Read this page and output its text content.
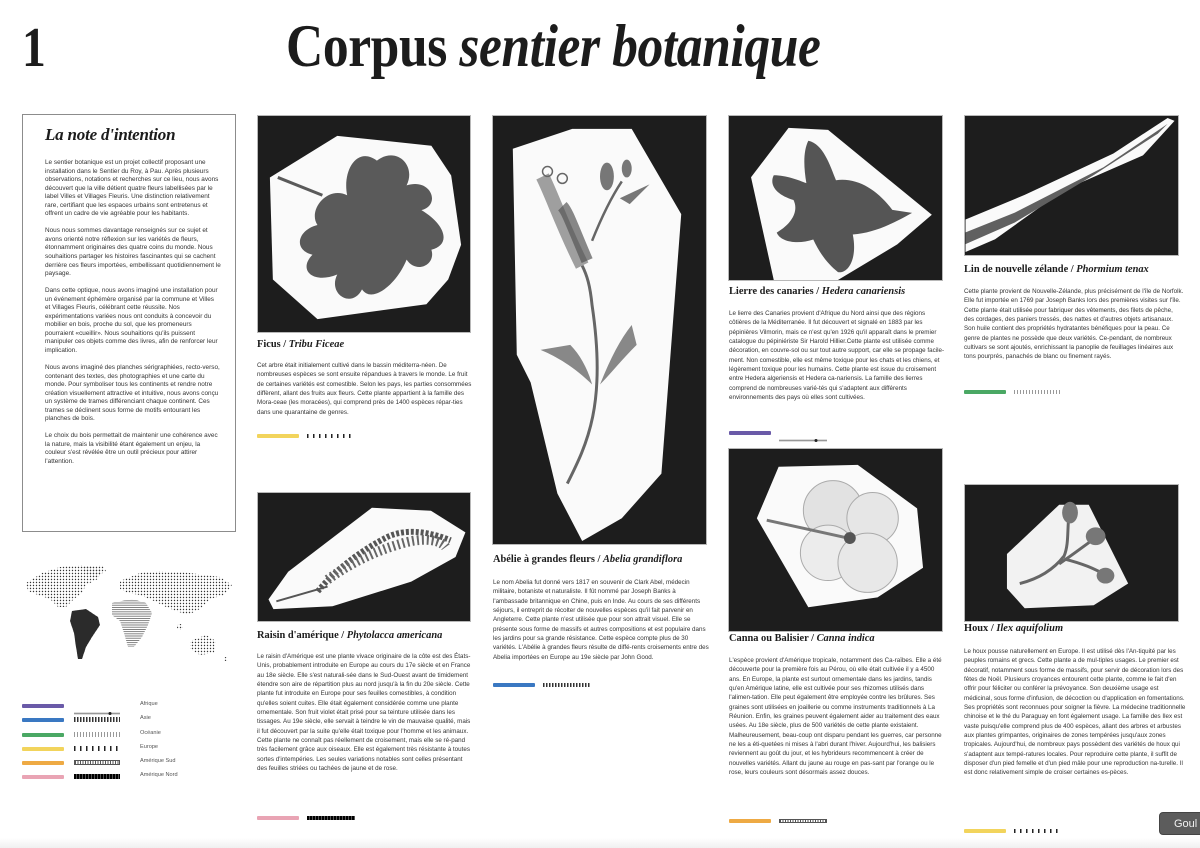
1	Corpus sentier botanique
La note d'intention

Le sentier botanique est un projet collectif proposant une installation dans le Sentier du Roy, à Pau. Après plusieurs observations, notations et recherches sur ce lieu, nous avons découvert que la ville détient quatre fleurs labellisées par le label Villes et Villages Fleuris. Une distinction relativement rare, certifiant que les espaces urbains sont entretenus et offrent un cadre de vie agréable pour les habitants.

Nous nous sommes davantage renseignés sur ce sujet et avons orienté notre réflexion sur les variétés de fleurs, étonnamment originaires des quatre coins du monde. Nous souhaitions partager les histoires fascinantes qui se cachent derrière ces fleurs importées, embellissant quotidiennement le paysage.

Dans cette optique, nous avons imaginé une installation pour un événement éphémère organisé par la commune et Villes et Villages Fleuris, célébrant cette réussite. Nos expérimentations variées nous ont conduits à concevoir du mobilier en bois, proche du sol, que les promeneurs pourraient «cueillir». Nous souhaitions qu'ils puissent manipuler ces objets comme des livres, afin de renforcer leur implication.

Nous avons imaginé des planches sérigraphiées, recto-verso, contenant des textes, des photographies et une carte du monde. Pour symboliser tous les continents et rendre notre création visuellement attractive et intuitive, nous avons conçu un système de trames différenciant chaque continent. Ces trames se déclinent sous forme de motifs entourant les planches de bois.

Le choix du bois permettait de maintenir une cohérence avec la nature, mais la visibilité étant également un enjeu, la couleur s'est révélée être un outil précieux pour attirer l'attention.

Afrique
Asie
Océanie
Europe
Amérique Sud
Amérique Nord
Ficus / Tribu Ficeae
Cet arbre était initialement cultivé dans le bassin méditerra-néen. De nombreuses espèces se sont ensuite répandues à travers le monde. Le fruit de certaines variétés est comestible. Selon les pays, les parties consommées diffèrent, allant des fruits aux fleurs. Cette plante appartient à la famille des Mora-ceae (les moracées), qui comprend près de 1400 espèces répar-ties dans une quarantaine de genres.
Raisin d'amérique / Phytolacca americana
Le raisin d'Amérique est une plante vivace originaire de la côte est des États-Unis, probablement introduite en Europe au cours du 17e siècle et en France au 18e siècle. Elle s'est naturali-sée dans le Sud-Ouest avant de timidement étendre son aire de répartition plus au nord jusqu'à la fin du 20e siècle. Cette plante fut introduite en Europe pour ses feuilles comestibles, à condition qu'elles soient cuites. Elle était également considérée comme une plante ornementale. Son fruit violet était prisé pour sa teinture utilisée dans les tissages. Au 19e siècle, elle servait à teindre le vin de mauvaise qualité, mais il fut découvert par la suite qu'elle était toxique pour l'homme et les animaux. Cette plante ne connaît pas réellement de croisement, mais elle se ré-pand très facilement grâce aux oiseaux. Elle est également très résistante à toutes sortes d'intempéries. Les seules variations notables sont celles présentant des feuilles striées ou tachées de jaune et de rose.
Abélie à grandes fleurs / Abelia grandiflora
Le nom Abelia fut donné vers 1817 en souvenir de Clark Abel, médecin militaire, botaniste et naturaliste. Il fût nommé par Joseph Banks à l'ambassade britannique en Chine, puis en Inde. Au cours de ses différents séjours, il entreprit de récolter de nouvelles espèces qu'il fait parvenir en Angleterre. Cette plante n'est utilisée que pour son attrait visuel. Elle se présente sous forme de massifs et autres compositions et est populaire dans les jardins pour sa grande résistance. Cette espèce compte plus de 30 variétés. L'Abélie à grandes fleurs résulte de diffé-rents croisements entre des Abelia importées en Europe au 19e siècle par John Good.
Lierre des canaries / Hedera canariensis
Le lierre des Canaries provient d'Afrique du Nord ainsi que des régions côtières de la Méditerranée. Il fut découvert et signalé en 1883 par les pépinières Vilmorin, mais ce n'est qu'en 1926 qu'il apparaît dans le premier catalogue du pépiniériste Sir Harold Hillier.Cette plante est utilisée comme décoration, en couvre-sol ou sur tout autre support, car elle se propage facile-ment. Non comestible, elle est même toxique pour les chats et les chiens, et légèrement toxique pour les humains. Cette plante est issue du croisement entre Hedera algeriensis et Hedera ca-nariensis. La famille des lierres comprend de nombreuses varié-tés qui s'adaptent aux différents environnements des pays où elles sont cultivées.
Canna ou Balisier / Canna indica
L'espèce provient d'Amérique tropicale, notamment des Ca-raïbes. Elle a été découverte pour la première fois au Pérou, où elle était cultivée il y a 4500 ans. En Europe, la plante est surtout ornementale dans les jardins, tandis qu'en Amérique latine, elle est cultivée pour ses rhizomes utilisés dans l'alimen-tation. Elle peut également être employée contre les brûlures. Ses graines sont utilisées en joaillerie ou comme instruments traditionnels à La Réunion. Enfin, les graines peuvent également aider au traitement des eaux usées. Au 18e siècle, plus de 500 variétés de cette plante existaient. Malheureusement, beau-coup ont disparu pendant les guerres, car personne ne les a éti-quetées ni mises à l'abri durant l'hiver. Aujourd'hui, les balisiers reviennent au goût du jour, et les hybrideurs recommencent à créer de nouvelles variétés. Allant du jaune au rouge en pas-sant par l'orange ou le rose, leurs couleurs sont désormais assez douces.
Lin de nouvelle zélande / Phormium tenax
Cette plante provient de Nouvelle-Zélande, plus précisément de l'île de Norfolk. Elle fut importée en 1769 par Joseph Banks lors des premières visites sur l'île. Cette plante était utilisée pour fabriquer des vêtements, des filets de pêche, des cordages, des paniers tressés, des nattes et d'autres objets artisanaux. Son huile contient des propriétés hydratantes bénéfiques pour la peau. Ce genre de plantes ne possède que deux variétés. Ce-pendant, de nombreux cultivars se sont ajoutés, enrichissant la panoplie de feuillages linéaires aux tons pourprés, panachés de blanc ou finement rayés.
Houx / Ilex aquifolium
Le houx pousse naturellement en Europe. Il est utilisé dès l'An-tiquité par les peuples romains et grecs. Cette plante a de mul-tiples usages. Le premier est décoratif, notamment sous forme de massifs, pour servir de décoration lors des fêtes de Noël. Plusieurs croyances entourent cette plante, comme le fait d'en offrir pour féliciter ou conférer la prévoyance. Son deuxième usage est médicinal, sous forme d'infusion, de décoction ou d'application en fomentations. Ses propriétés sont reconnues pour soigner la fièvre. La médecine traditionnelle chinoise et le thé du Paraguay en font également usage. La famille des Ilex est vaste puisqu'elle comprend plus de 400 espèces, allant des arbres et arbustes aux plantes grimpantes, originaires de zones tempérées jusqu'aux zones tropicales. Aujourd'hui, de nombreux pays possèdent des variétés de houx qui s'adaptent aux tempé-ratures locales. Pour reproduire cette plante, il suffit de disposer d'un pied femelle et d'un pied mâle pour une reproduction na-turelle. Il est donc relativement simple de croiser certaines es-pèces.
Goul
